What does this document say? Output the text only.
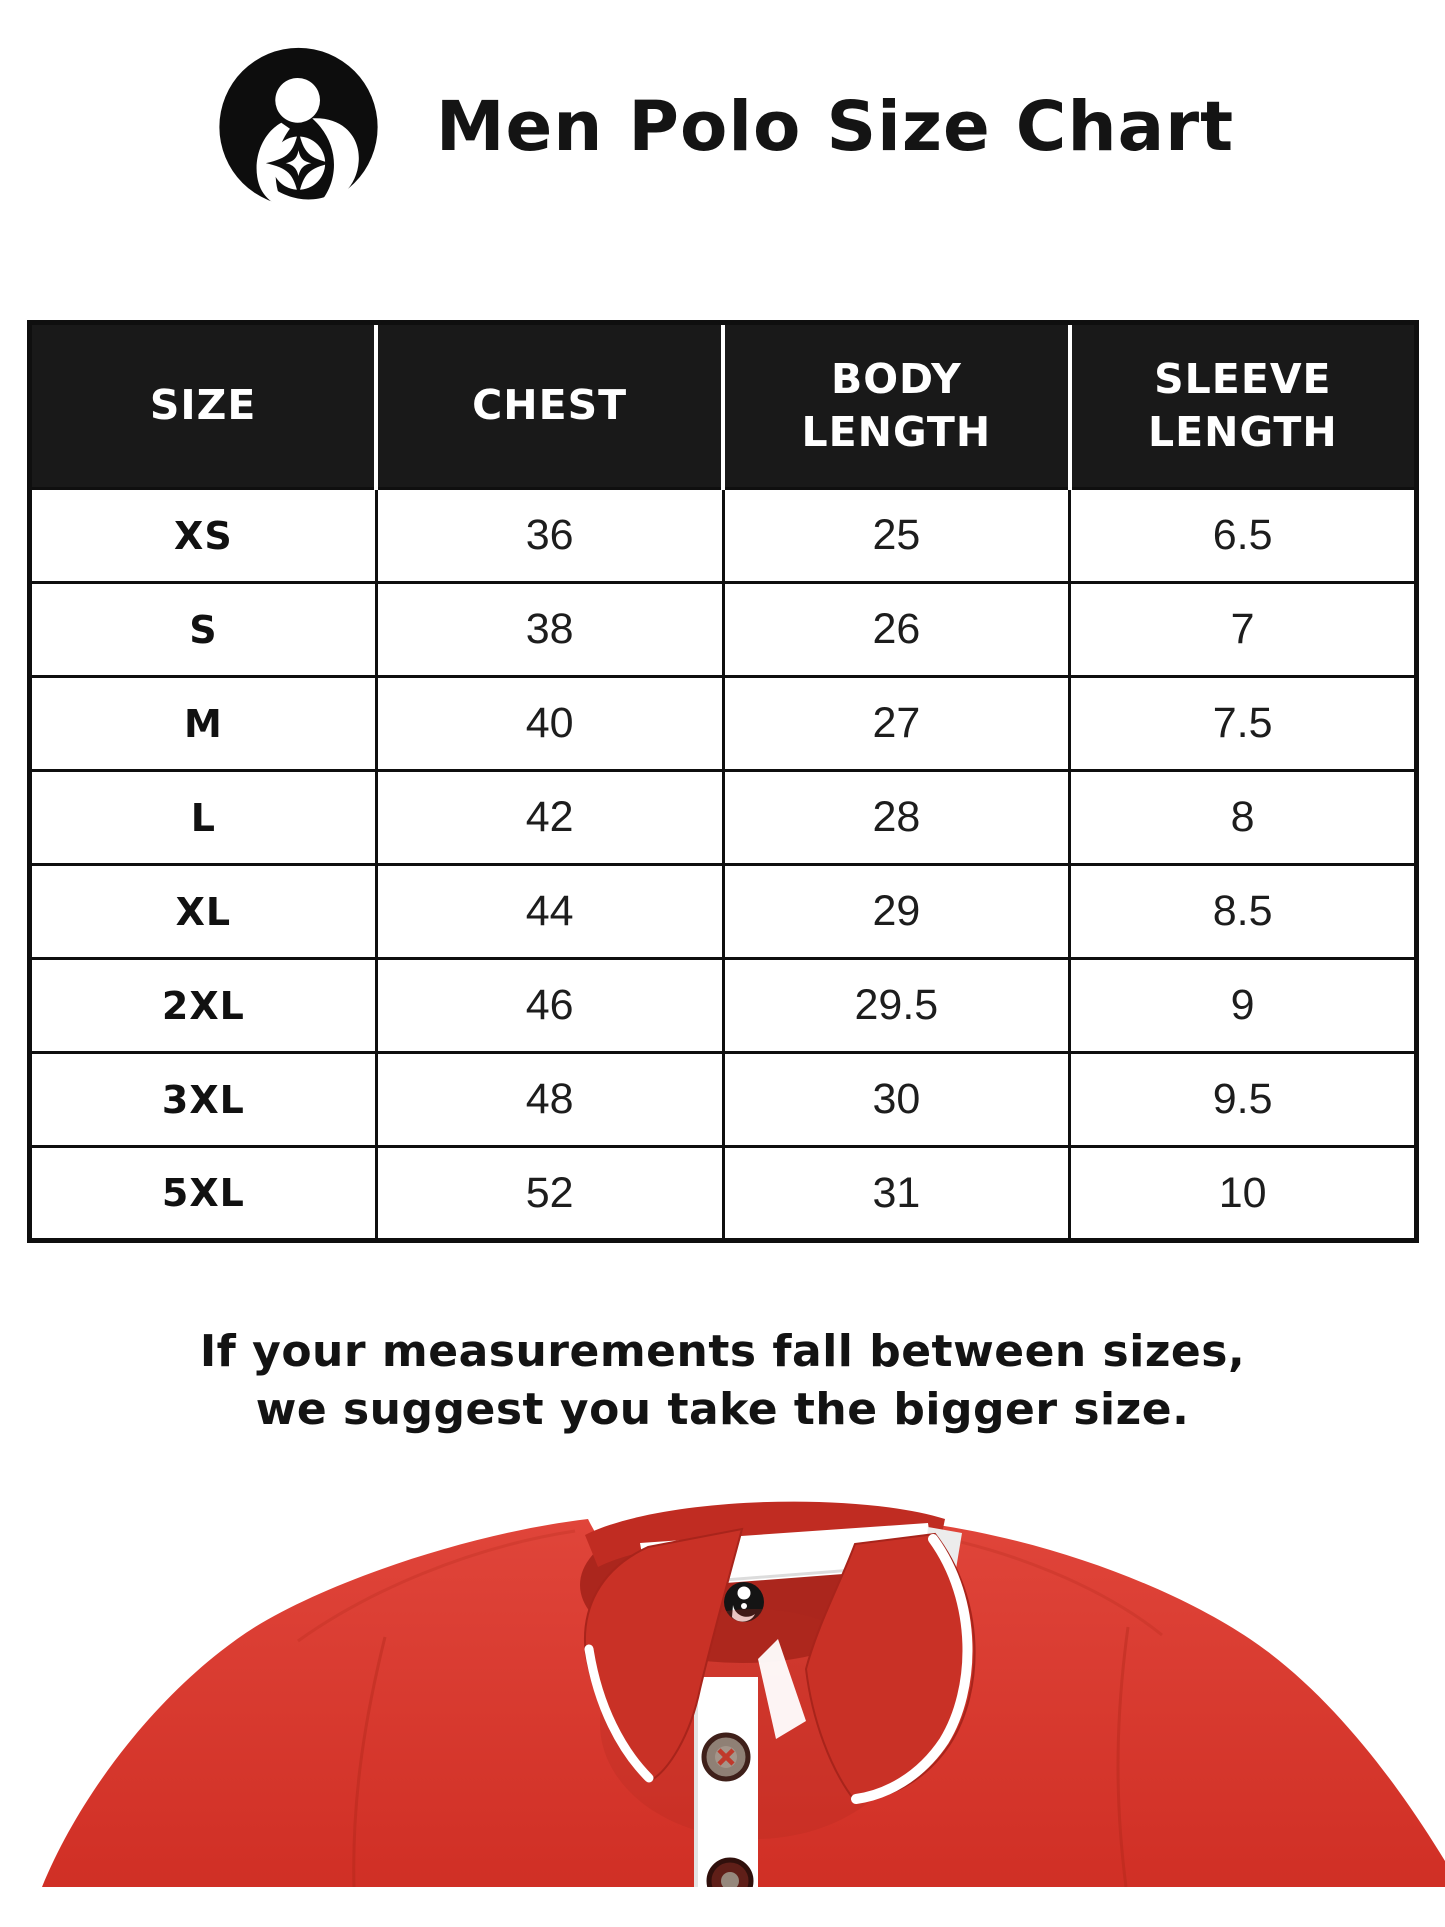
Men Polo Size Chart
SIZE	CHEST	BODY LENGTH	SLEEVE LENGTH
XS	36	25	6.5
S	38	26	7
M	40	27	7.5
L	42	28	8
XL	44	29	8.5
2XL	46	29.5	9
3XL	48	30	9.5
5XL	52	31	10

If your measurements fall between sizes,
we suggest you take the bigger size.
